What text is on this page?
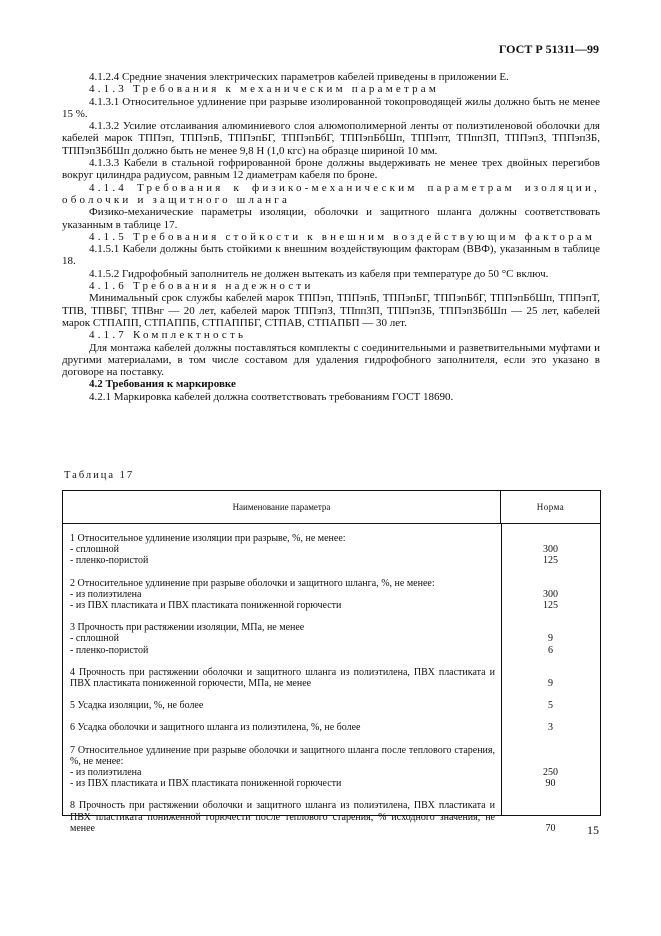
ГОСТ Р 51311—99

4.1.2.4 Средние значения электрических параметров кабелей приведены в приложении Е.

4.1.3 Требования к механическим параметрам

4.1.3.1 Относительное удлинение при разрыве изолированной токопроводящей жилы должно быть не менее 15 %.

4.1.3.2 Усилие отслаивания алюминиевого слоя алюмополимерной ленты от полиэтиленовой оболочки для кабелей марок ТППэп, ТППэпБ, ТППэпБГ, ТППэпБбГ, ТППэпБбШп, ТППэпт, ТПппЗП, ТППэпЗ, ТППэпЗБ, ТППэпЗБбШп должно быть не менее 9,8 Н (1,0 кгс) на образце шириной 10 мм.

4.1.3.3 Кабели в стальной гофрированной броне должны выдерживать не менее трех двойных перегибов вокруг цилиндра радиусом, равным 12 диаметрам кабеля по броне.

4.1.4 Требования к физико-механическим параметрам изоляции, оболочки и защитного шланга

Физико-механические параметры изоляции, оболочки и защитного шланга должны соответствовать указанным в таблице 17.

4.1.5 Требования стойкости к внешним воздействующим факторам

4.1.5.1 Кабели должны быть стойкими к внешним воздействующим факторам (ВВФ), указанным в таблице 18.

4.1.5.2 Гидрофобный заполнитель не должен вытекать из кабеля при температуре до 50 °С включ.

4.1.6 Требования надежности

Минимальный срок службы кабелей марок ТППэп, ТППэпБ, ТППэпБГ, ТППэпБбГ, ТППэпБбШп, ТППэпТ, ТПВ, ТПВБГ, ТПВнг — 20 лет, кабелей марок ТППэпЗ, ТПппЗП, ТППэпЗБ, ТППэпЗБбШп — 25 лет, кабелей марок СТПАПП, СТПАППБ, СТПАППБГ, СТПАВ, СТПАПБП — 30 лет.

4.1.7 Комплектность

Для монтажа кабелей должны поставляться комплекты с соединительными и разветвительными муфтами и другими материалами, в том числе составом для удаления гидрофобного заполнителя, если это указано в договоре на поставку.

4.2 Требования к маркировке

4.2.1 Маркировка кабелей должна соответствовать требованиям ГОСТ 18690.

Таблица 17
Наименование параметра	Норма
1 Относительное удлинение изоляции при разрыве, %, не менее:
- сплошной	300
- пленко-пористой	125
2 Относительное удлинение при разрыве оболочки и защитного шланга, %, не менее:
- из полиэтилена	300
- из ПВХ пластиката и ПВХ пластиката пониженной горючести	125
3 Прочность при растяжении изоляции, МПа, не менее
- сплошной	9
- пленко-пористой	6
4 Прочность при растяжении оболочки и защитного шланга из полиэтилена, ПВХ пластиката и ПВХ пластиката пониженной горючести, МПа, не менее	9
5 Усадка изоляции, %, не более	5
6 Усадка оболочки и защитного шланга из полиэтилена, %, не более	3
7 Относительное удлинение при разрыве оболочки и защитного шланга после теплового старения, %, не менее:
- из полиэтилена	250
- из ПВХ пластиката и ПВХ пластиката пониженной горючести	90
8 Прочность при растяжении оболочки и защитного шланга из полиэтилена, ПВХ пластиката и ПВХ пластиката пониженной горючести после теплового старения, % исходного значения, не менее	70	15
